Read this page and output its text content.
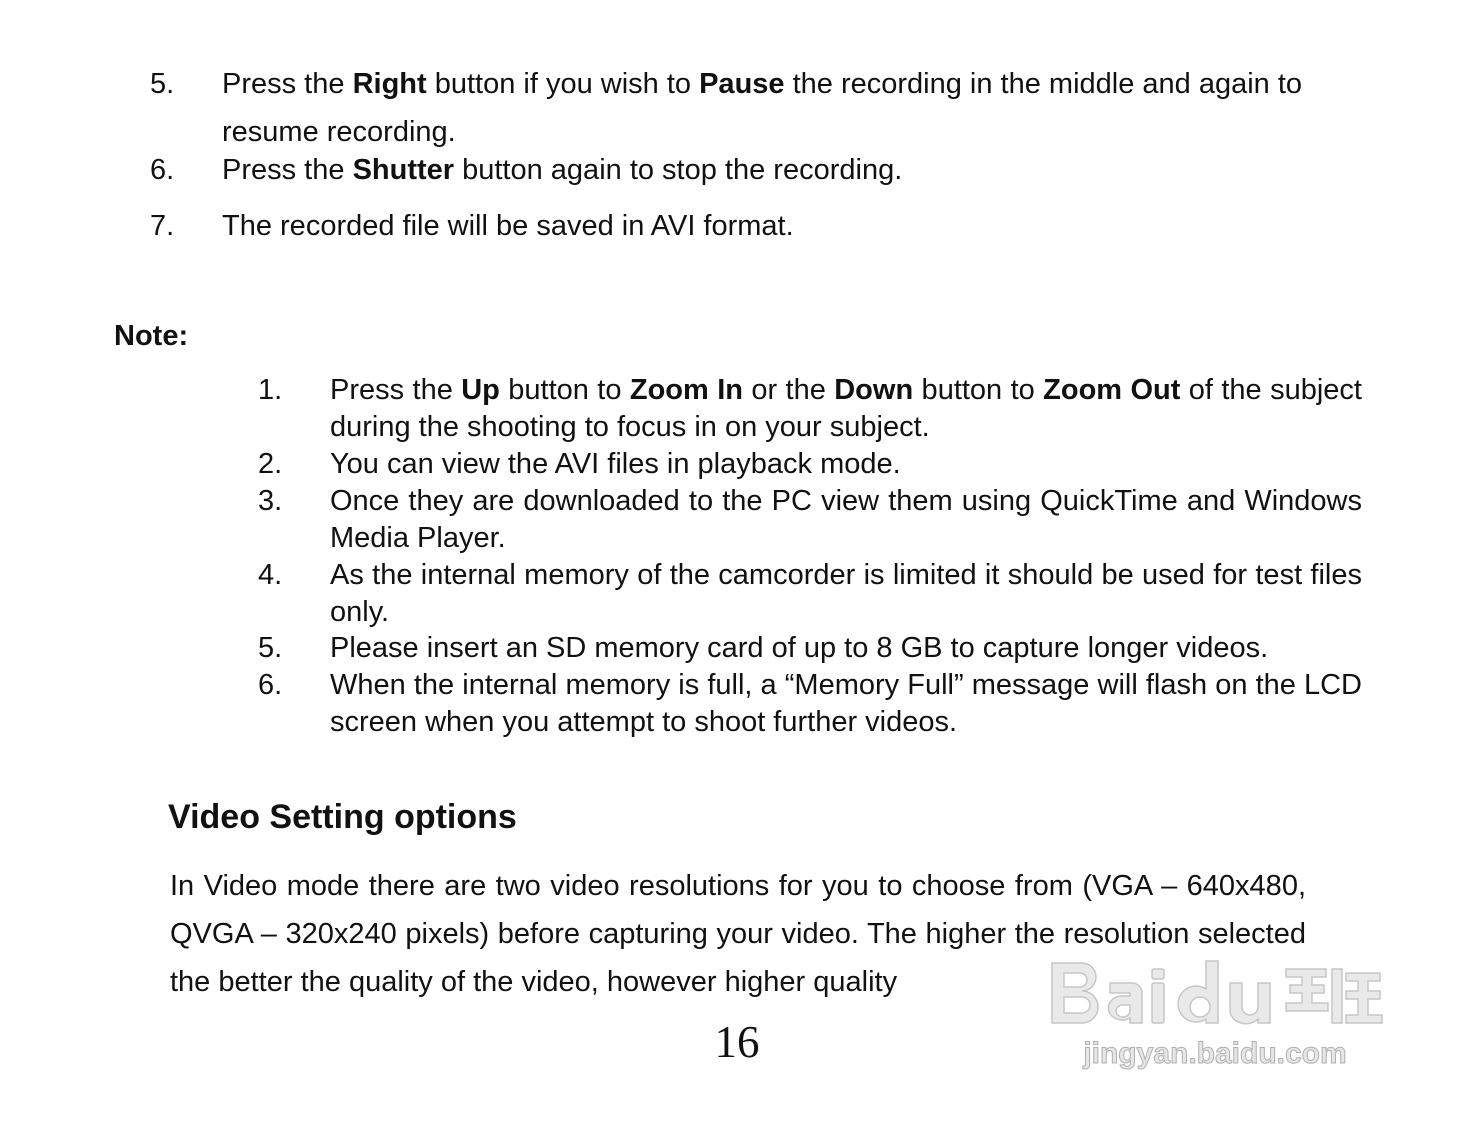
5. Press the Right button if you wish to Pause the recording in the middle and again to resume recording.
6. Press the Shutter button again to stop the recording.
7. The recorded file will be saved in AVI format.
Note:
1. Press the Up button to Zoom In or the Down button to Zoom Out of the subject during the shooting to focus in on your subject.
2. You can view the AVI files in playback mode.
3. Once they are downloaded to the PC view them using QuickTime and Windows Media Player.
4. As the internal memory of the camcorder is limited it should be used for test files only.
5. Please insert an SD memory card of up to 8 GB to capture longer videos.
6. When the internal memory is full, a “Memory Full” message will flash on the LCD screen when you attempt to shoot further videos.
Video Setting options
In Video mode there are two video resolutions for you to choose from (VGA – 640x480, QVGA – 320x240 pixels) before capturing your video. The higher the resolution selected the better the quality of the video, however higher quality
16	jingyan.baidu.com
